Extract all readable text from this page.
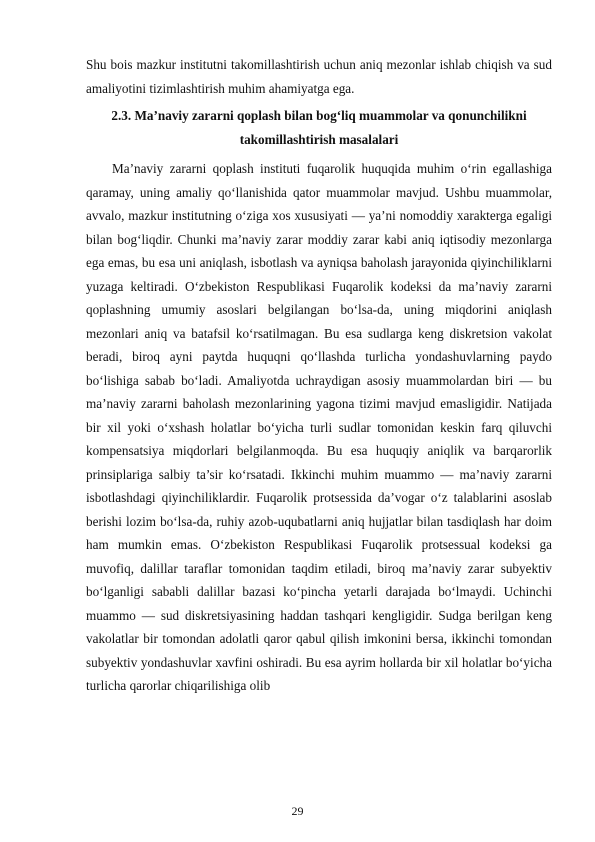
Shu bois mazkur institutni takomillashtirish uchun aniq mezonlar ishlab chiqish va sud amaliyotini tizimlashtirish muhim ahamiyatga ega.

2.3. Ma’naviy zararni qoplash bilan bog‘liq muammolar va qonunchilikni takomillashtirish masalalari

Ma’naviy zararni qoplash instituti fuqarolik huquqida muhim o‘rin egallashiga qaramay, uning amaliy qo‘llanishida qator muammolar mavjud. Ushbu muammolar, avvalo, mazkur institutning o‘ziga xos xususiyati — ya’ni nomoddiy xarakterga egaligi bilan bog‘liqdir. Chunki ma’naviy zarar moddiy zarar kabi aniq iqtisodiy mezonlarga ega emas, bu esa uni aniqlash, isbotlash va ayniqsa baholash jarayonida qiyinchiliklarni yuzaga keltiradi. O‘zbekiston Respublikasi Fuqarolik kodeksi da ma’naviy zararni qoplashning umumiy asoslari belgilangan bo‘lsa-da, uning miqdorini aniqlash mezonlari aniq va batafsil ko‘rsatilmagan. Bu esa sudlarga keng diskretsion vakolat beradi, biroq ayni paytda huquqni qo‘llashda turlicha yondashuvlarning paydo bo‘lishiga sabab bo‘ladi. Amaliyotda uchraydigan asosiy muammolardan biri — bu ma’naviy zararni baholash mezonlarining yagona tizimi mavjud emasligidir. Natijada bir xil yoki o‘xshash holatlar bo‘yicha turli sudlar tomonidan keskin farq qiluvchi kompensatsiya miqdorlari belgilanmoqda. Bu esa huquqiy aniqlik va barqarorlik prinsiplariga salbiy ta’sir ko‘rsatadi. Ikkinchi muhim muammo — ma’naviy zararni isbotlashdagi qiyinchiliklardir. Fuqarolik protsessida da’vogar o‘z talablarini asoslab berishi lozim bo‘lsa-da, ruhiy azob-uqubatlarni aniq hujjatlar bilan tasdiqlash har doim ham mumkin emas. O‘zbekiston Respublikasi Fuqarolik protsessual kodeksi ga muvofiq, dalillar taraflar tomonidan taqdim etiladi, biroq ma’naviy zarar subyektiv bo‘lganligi sababli dalillar bazasi ko‘pincha yetarli darajada bo‘lmaydi. Uchinchi muammo — sud diskretsiyasining haddan tashqari kengligidir. Sudga berilgan keng vakolatlar bir tomondan adolatli qaror qabul qilish imkonini bersa, ikkinchi tomondan subyektiv yondashuvlar xavfini oshiradi. Bu esa ayrim hollarda bir xil holatlar bo‘yicha turlicha qarorlar chiqarilishiga olib

29
